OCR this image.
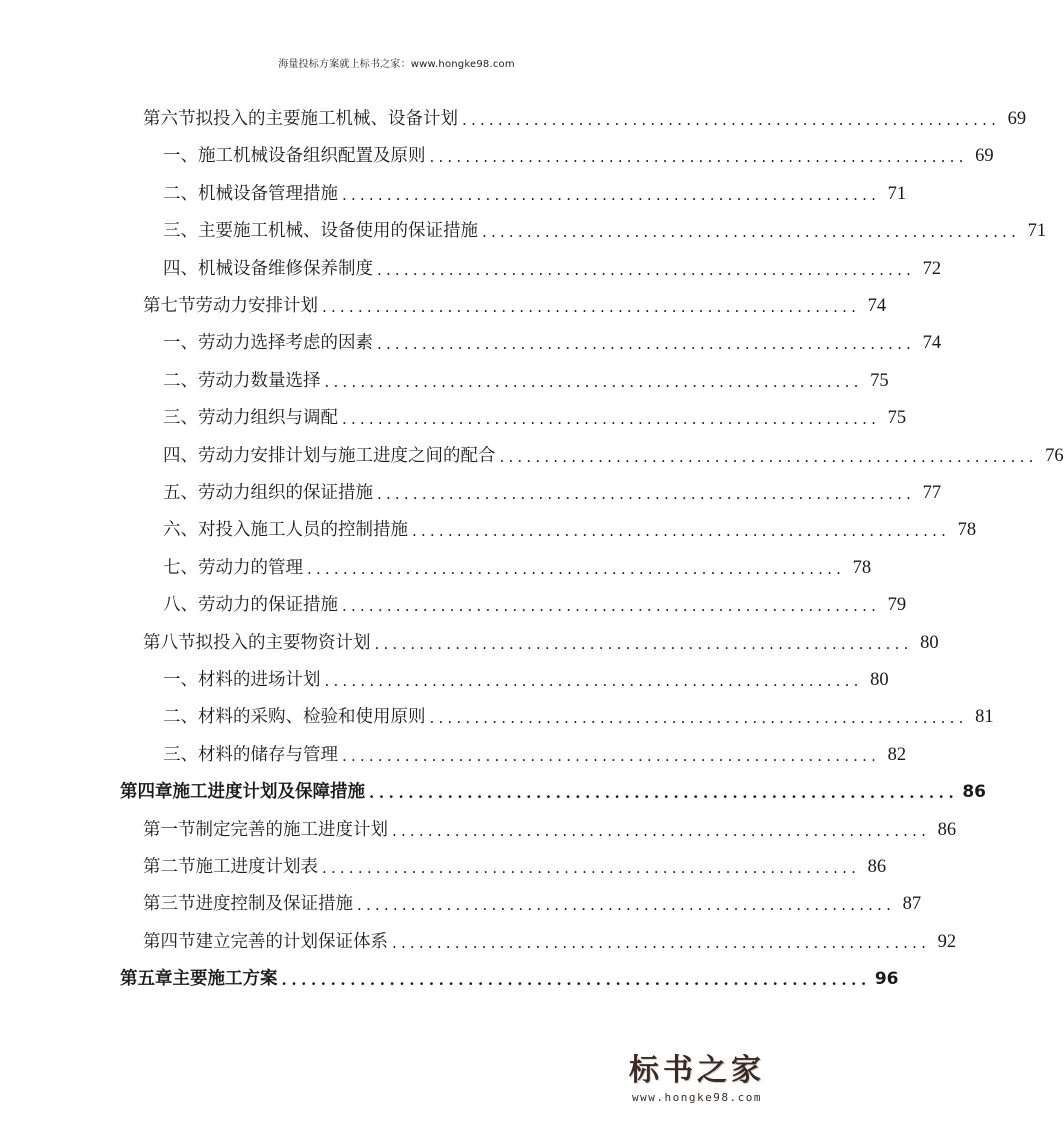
海量投标方案就上标书之家：www.hongke98.com
第六节 拟投入的主要施工机械、设备计划 ............................................................ 69
一、 施工机械设备组织配置及原则 ............................................................ 69
二、 机械设备管理措施 ............................................................ 71
三、 主要施工机械、设备使用的保证措施 ............................................................ 71
四、 机械设备维修保养制度 ............................................................ 72
第七节 劳动力安排计划 ............................................................ 74
一、 劳动力选择考虑的因素 ............................................................ 74
二、 劳动力数量选择 ............................................................ 75
三、 劳动力组织与调配 ............................................................ 75
四、 劳动力安排计划与施工进度之间的配合 ............................................................ 76
五、 劳动力组织的保证措施 ............................................................ 77
六、 对投入施工人员的控制措施 ............................................................ 78
七、 劳动力的管理 ............................................................ 78
八、 劳动力的保证措施 ............................................................ 79
第八节 拟投入的主要物资计划 ............................................................ 80
一、 材料的进场计划 ............................................................ 80
二、 材料的采购、检验和使用原则 ............................................................ 81
三、 材料的储存与管理 ............................................................ 82
第四章 施工进度计划及保障措施 ............................................................ 86
第一节 制定完善的施工进度计划 ............................................................ 86
第二节 施工进度计划表 ............................................................ 86
第三节 进度控制及保证措施 ............................................................ 87
第四节 建立完善的计划保证体系 ............................................................ 92
第五章 主要施工方案 ............................................................ 96
标书之家
www.hongke98.com
